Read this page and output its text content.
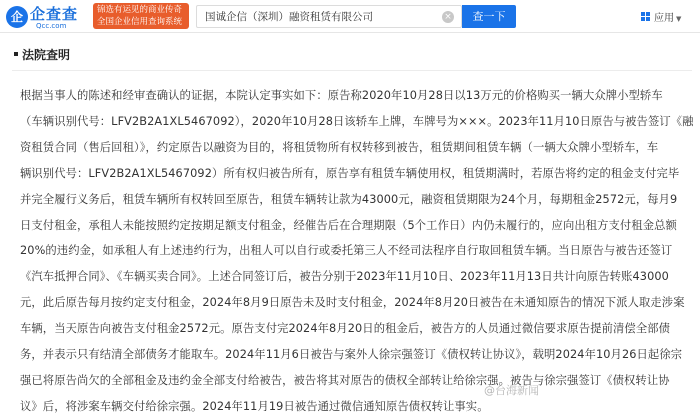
企 企查查
Qcc.com
锦选有运见的商业传奇
全国企业信用查询系统
国诚企信（深圳）融资租赁有限公司	×	查一下	应用 ▼
法院查明

根据当事人的陈述和经审查确认的证据，本院认定事实如下：原告称2020年10月28日以13万元的价格购买一辆大众牌小型轿车

（车辆识别代号：LFV2B2A1XL5467092），2020年10月28日该轿车上牌，车牌号为×××。2023年11月10日原告与被告签订《融

资租赁合同（售后回租）》，约定原告以融资为目的，将租赁物所有权转移到被告，租赁期间租赁车辆（一辆大众牌小型轿车，车

辆识别代号：LFV2B2A1XL5467092）所有权归被告所有，原告享有租赁车辆使用权，租赁期满时，若原告将约定的租金支付完毕

并完全履行义务后，租赁车辆所有权转回至原告，租赁车辆转让款为43000元，融资租赁期限为24个月，每期租金2572元，每月9

日支付租金，承租人未能按照约定按期足额支付租金，经催告后在合理期限（5个工作日）内仍未履行的，应向出租方支付租金总额

20%的违约金，如承租人有上述违约行为，出租人可以自行或委托第三人不经司法程序自行取回租赁车辆。当日原告与被告还签订

《汽车抵押合同》、《车辆买卖合同》。上述合同签订后，被告分别于2023年11月10日、2023年11月13日共计向原告转账43000

元，此后原告每月按约定支付租金，2024年8月9日原告未及时支付租金，2024年8月20日被告在未通知原告的情况下派人取走涉案

车辆，当天原告向被告支付租金2572元。原告支付完2024年8月20日的租金后，被告方的人员通过微信要求原告提前清偿全部债

务，并表示只有结清全部债务才能取车。2024年11月6日被告与案外人徐宗强签订《债权转让协议》，载明2024年10月26日起徐宗

强已将原告尚欠的全部租金及违约金全部支付给被告，被告将其对原告的债权全部转让给徐宗强。被告与徐宗强签订《债权转让协

议》后，将涉案车辆交付给徐宗强。2024年11月19日被告通过微信通知原告债权转让事实。

@台海新闻
